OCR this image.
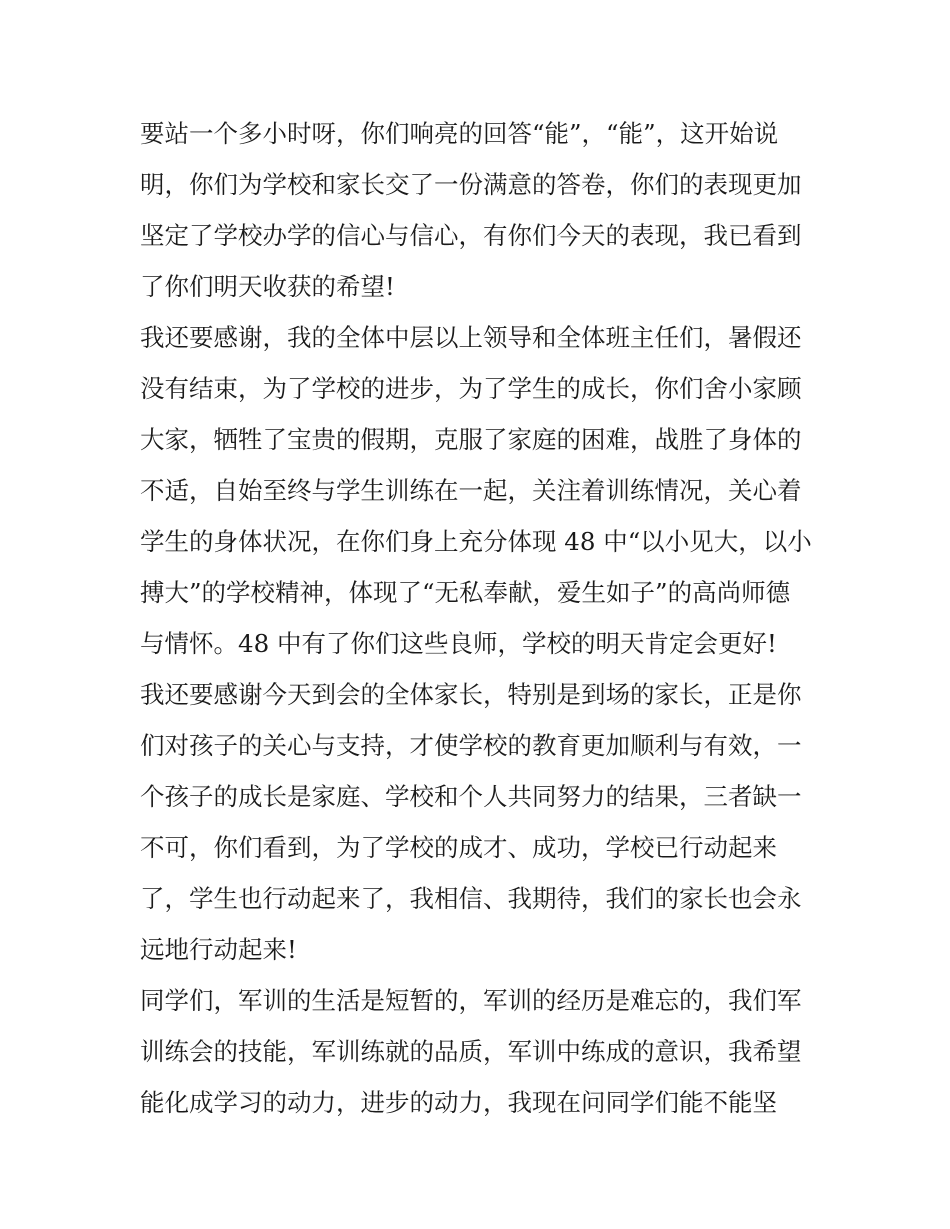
要站一个多小时呀，你们响亮的回答“能”，“能”，这开始说
明，你们为学校和家长交了一份满意的答卷，你们的表现更加
坚定了学校办学的信心与信心，有你们今天的表现，我已看到
了你们明天收获的希望!
我还要感谢，我的全体中层以上领导和全体班主任们，暑假还
没有结束，为了学校的进步，为了学生的成长，你们舍小家顾
大家，牺牲了宝贵的假期，克服了家庭的困难，战胜了身体的
不适，自始至终与学生训练在一起，关注着训练情况，关心着
学生的身体状况，在你们身上充分体现 48 中“以小见大，以小
搏大”的学校精神，体现了“无私奉献，爱生如子”的高尚师德
与情怀。48 中有了你们这些良师，学校的明天肯定会更好!
我还要感谢今天到会的全体家长，特别是到场的家长，正是你
们对孩子的关心与支持，才使学校的教育更加顺利与有效，一
个孩子的成长是家庭、学校和个人共同努力的结果，三者缺一
不可，你们看到，为了学校的成才、成功，学校已行动起来
了，学生也行动起来了，我相信、我期待，我们的家长也会永
远地行动起来!
同学们，军训的生活是短暂的，军训的经历是难忘的，我们军
训练会的技能，军训练就的品质，军训中练成的意识，我希望
能化成学习的动力，进步的动力，我现在问同学们能不能坚
